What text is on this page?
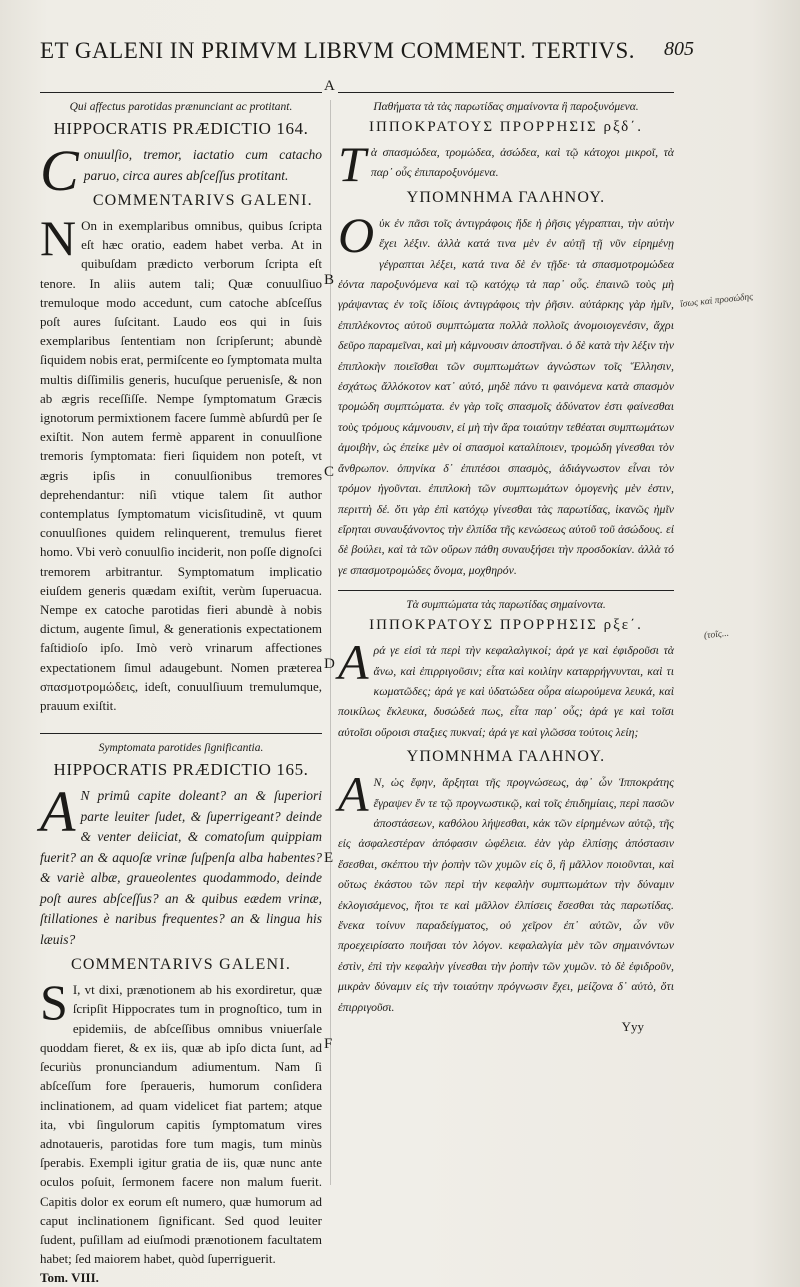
ET GALENI IN PRIMVM LIBRVM COMMENT. TERTIVS.	805
A
B
C
D
E
F
ἴσως καὶ προσώδης
(τοῖς...
Qui affectus parotidas prænunciant ac protitant.
HIPPOCRATIS PRÆDICTIO 164.

Conuulſio, tremor, iactatio cum catacho paruo, circa aures abſceſſus protitant.

COMMENTARIVS GALENI.

N On in exemplaribus omnibus, quibus ſcripta eſt hæc oratio, eadem habet verba. At in quibuſdam prædicto verborum ſcripta eſt tenore. In aliis autem tali; Quæ conuulſiuo tremuloque modo accedunt, cum catoche abſceſſus poſt aures ſuſcitant. Laudo eos qui in ſuis exemplaribus ſententiam non ſcripſerunt; abundè ſiquidem nobis erat, permiſcente eo ſymptomata multa multis diſſimilis generis, hucuſque peruenisſe, & non ab ægris receſſiſſe. Nempe ſymptomatum Græcis ignotorum permixtionem facere ſummè abſurdû per ſe exiſtit. Non autem fermè apparent in conuulſione tremoris ſymptomata: fieri ſiquidem non poteſt, vt ægris ipſis in conuulſionibus tremores deprehendantur: niſi vtique talem ſit author contemplatus ſymptomatum vicisſitudinẽ, vt quum conuulſiones quidem relinquerent, tremulus fieret homo. Vbi verò conuulſio inciderit, non poſſe dignoſci tremorem arbitrantur. Symptomatum implicatio eiuſdem generis quædam exiſtit, verùm ſuperuacua. Nempe ex catoche parotidas fieri abundè à nobis dictum, augente ſimul, & generationis expectationem faſtidioſo ipſo. Imò verò vrinarum affectiones expectationem ſimul adaugebunt. Nomen præterea σπασμοτρομώδεις, ideſt, conuulſiuum tremulumque, prauum exiſtit.

Symptomata parotides ſignificantia.
HIPPOCRATIS PRÆDICTIO 165.

A N primû capite doleant? an & ſuperiori parte leuiter ſudet, & ſuperrigeant? deinde & venter deiiciat, & comatoſum quippiam fuerit? an & aquoſæ vrinæ ſuſpenſa alba habentes? & variè albæ, graueolentes quodammodo, deinde poſt aures abſceſſus? an & quibus eædem vrinæ, ſtillationes è naribus frequentes? an & lingua his læuis?

COMMENTARIVS GALENI.

S I, vt dixi, prænotionem ab his exordiretur, quæ ſcripſit Hippocrates tum in prognoſtico, tum in epidemiis, de abſceſſibus omnibus vniuerſale quoddam fieret, & ex iis, quæ ab ipſo dicta ſunt, ad ſecuriùs pronunciandum adiumentum. Nam ſi abſceſſum fore ſperaueris, humorum conſidera inclinationem, ad quam videlicet fiat partem; atque ita, vbi ſingulorum capitis ſymptomatum vires adnotaueris, parotidas fore tum magis, tum minùs ſperabis. Exempli igitur gratia de iis, quæ nunc ante oculos poſuit, ſermonem facere non malum fuerit. Capitis dolor ex eorum eſt numero, quæ humorum ad caput inclinationem ſignificant. Sed quod leuiter ſudent, puſillam ad eiuſmodi prænotionem facultatem habet; ſed maiorem habet, quòd ſuperriguerit.

Tom. VIII.
Παθήματα τὰ τὰς παρωτίδας σημαίνοντα ἢ παροξυνόμενα.
ΙΠΠΟΚΡΑΤΟΥΣ ΠΡΟΡΡΗΣΙΣ ρξδ΄.

Τὰ σπασμώδεα, τρομώδεα, ἀσώδεα, καὶ τῷ κάτοχοι μικροῖ, τὰ παρ᾽ οὖς ἐπιπαροξυνόμενα.

ΥΠΟΜΝΗΜΑ ΓΑΛΗΝΟΥ.

Οὐκ ἐν πᾶσι τοῖς ἀντιγράφοις ἥδε ἡ ῥῆσις γέγραπται, τὴν αὐτὴν ἔχει λέξιν. ἀλλὰ κατά τινα μὲν ἐν αὐτῇ τῇ νῦν εἰρημένῃ γέγραπται λέξει, κατά τινα δὲ ἐν τῇδε· τὰ σπασμοτρομώδεα ἐόντα παροξυνόμενα καὶ τῷ κατόχῳ τὰ παρ᾽ οὖς. ἐπαινῶ τοὺς μὴ γράψαντας ἐν τοῖς ἰδίοις ἀντιγράφοις τὴν ῥῆσιν. αὐτάρκης γὰρ ἡμῖν, ἐπιπλέκοντος αὐτοῦ συμπτώματα πολλὰ πολλοῖς ἀνομοιογενέσιν, ἄχρι δεῦρο παραμεῖναι, καὶ μὴ κάμνουσιν ἀποστῆναι. ὁ δὲ κατὰ τὴν λέξιν τὴν ἐπιπλοκὴν ποιεῖσθαι τῶν συμπτωμάτων ἀγνώστων τοῖς Ἕλλησιν, ἐσχάτως ἄλλόκοτον κατ᾽ αὐτό, μηδὲ πάνυ τι φαινόμενα κατὰ σπασμὸν τρομώδη συμπτώματα. ἐν γὰρ τοῖς σπασμοῖς ἀδύνατον ἐστι φαίνεσθαι τοὺς τρόμους κάμνουσιν, εἰ μὴ τὴν ἄρα τοιαύτην τεθέαται συμπτωμάτων ἀμοιβὴν, ὡς ἐπείκε μὲν οἱ σπασμοὶ καταλίποιεν, τρομώδη γίνεσθαι τὸν ἄνθρωπον. ὁπηνίκα δ᾽ ἐπιπέσοι σπασμὸς, ἀδιάγνωστον εἶναι τὸν τρόμον ἡγοῦνται. ἐπιπλοκὴ τῶν συμπτωμάτων ὁμογενὴς μὲν ἐστιν, περιττὴ δέ. ὅτι γὰρ ἐπὶ κατόχῳ γίνεσθαι τὰς παρωτίδας, ἱκανῶς ἡμῖν εἴρηται συναυξάνοντος τὴν ἐλπίδα τῆς κενώσεως αὐτοῦ τοῦ ἀσώδους. εἰ δὲ βούλει, καὶ τὰ τῶν οὔρων πάθη συναυξήσει τὴν προσδοκίαν. ἀλλὰ τό γε σπασμοτρομώδες ὄνομα, μοχθηρόν.

Τὰ συμπτώματα τὰς παρωτίδας σημαίνοντα.
ΙΠΠΟΚΡΑΤΟΥΣ ΠΡΟΡΡΗΣΙΣ ρξε΄.

Αρά γε εἰσὶ τὰ περὶ τὴν κεφαλαλγικοί; ἀρά γε καὶ ἐφιδροῦσι τὰ ἄνω, καὶ ἐπιρριγοῦσιν; εἶτα καὶ κοιλίην καταρρήγνυνται, καὶ τι κωματῶδες; ἀρά γε καὶ ὑδατώδεα οὖρα αἰωρούμενα λευκά, καὶ ποικίλως ἔκλευκα, δυσώδεά πως, εἶτα παρ᾽ οὖς; ἀρά γε καὶ τοῖσι αὐτοῖσι οὔροισι σταξιες πυκναί; ἀρά γε καὶ γλῶσσα τούτοις λείη;

ΥΠΟΜΝΗΜΑ ΓΑΛΗΝΟΥ.

Α Ν, ὡς ἔφην, ἄρξηται τῆς προγνώσεως, ἀφ᾽ ὧν Ἱπποκράτης ἔγραψεν ἔν τε τῷ προγνωστικῷ, καὶ τοῖς ἐπιδημίαις, περὶ πασῶν ἀποστάσεων, καθόλου λήψεσθαι, κἀκ τῶν εἰρημένων αὐτῷ, τῆς εἰς ἀσφαλεστέραν ἀπόφασιν ὠφέλεια. ἐὰν γὰρ ἐλπίσῃς ἀπόστασιν ἔσεσθαι, σκέπτου τὴν ῥοπὴν τῶν χυμῶν εἰς ὃ, ἢ μᾶλλον ποιοῦνται, καὶ οὕτως ἑκάστου τῶν περὶ τὴν κεφαλὴν συμπτωμάτων τὴν δύναμιν ἐκλογισάμενος, ἤτοι τε καὶ μᾶλλον ἐλπίσεις ἔσεσθαι τὰς παρωτίδας. ἕνεκα τοίνυν παραδείγματος, οὐ χεῖρον ἐπ᾽ αὐτῶν, ὧν νῦν προεχειρίσατο ποιῆσαι τὸν λόγον. κεφαλαλγία μὲν τῶν σημαινόντων ἐστὶν, ἐπὶ τὴν κεφαλὴν γίνεσθαι τὴν ῥοπὴν τῶν χυμῶν. τὸ δὲ ἐφιδροῦν, μικρὰν δύναμιν εἰς τὴν τοιαύτην πρόγνωσιν ἔχει, μείζονα δ᾽ αὐτὸ, ὅτι ἐπιρριγοῦσι.

Yyy
